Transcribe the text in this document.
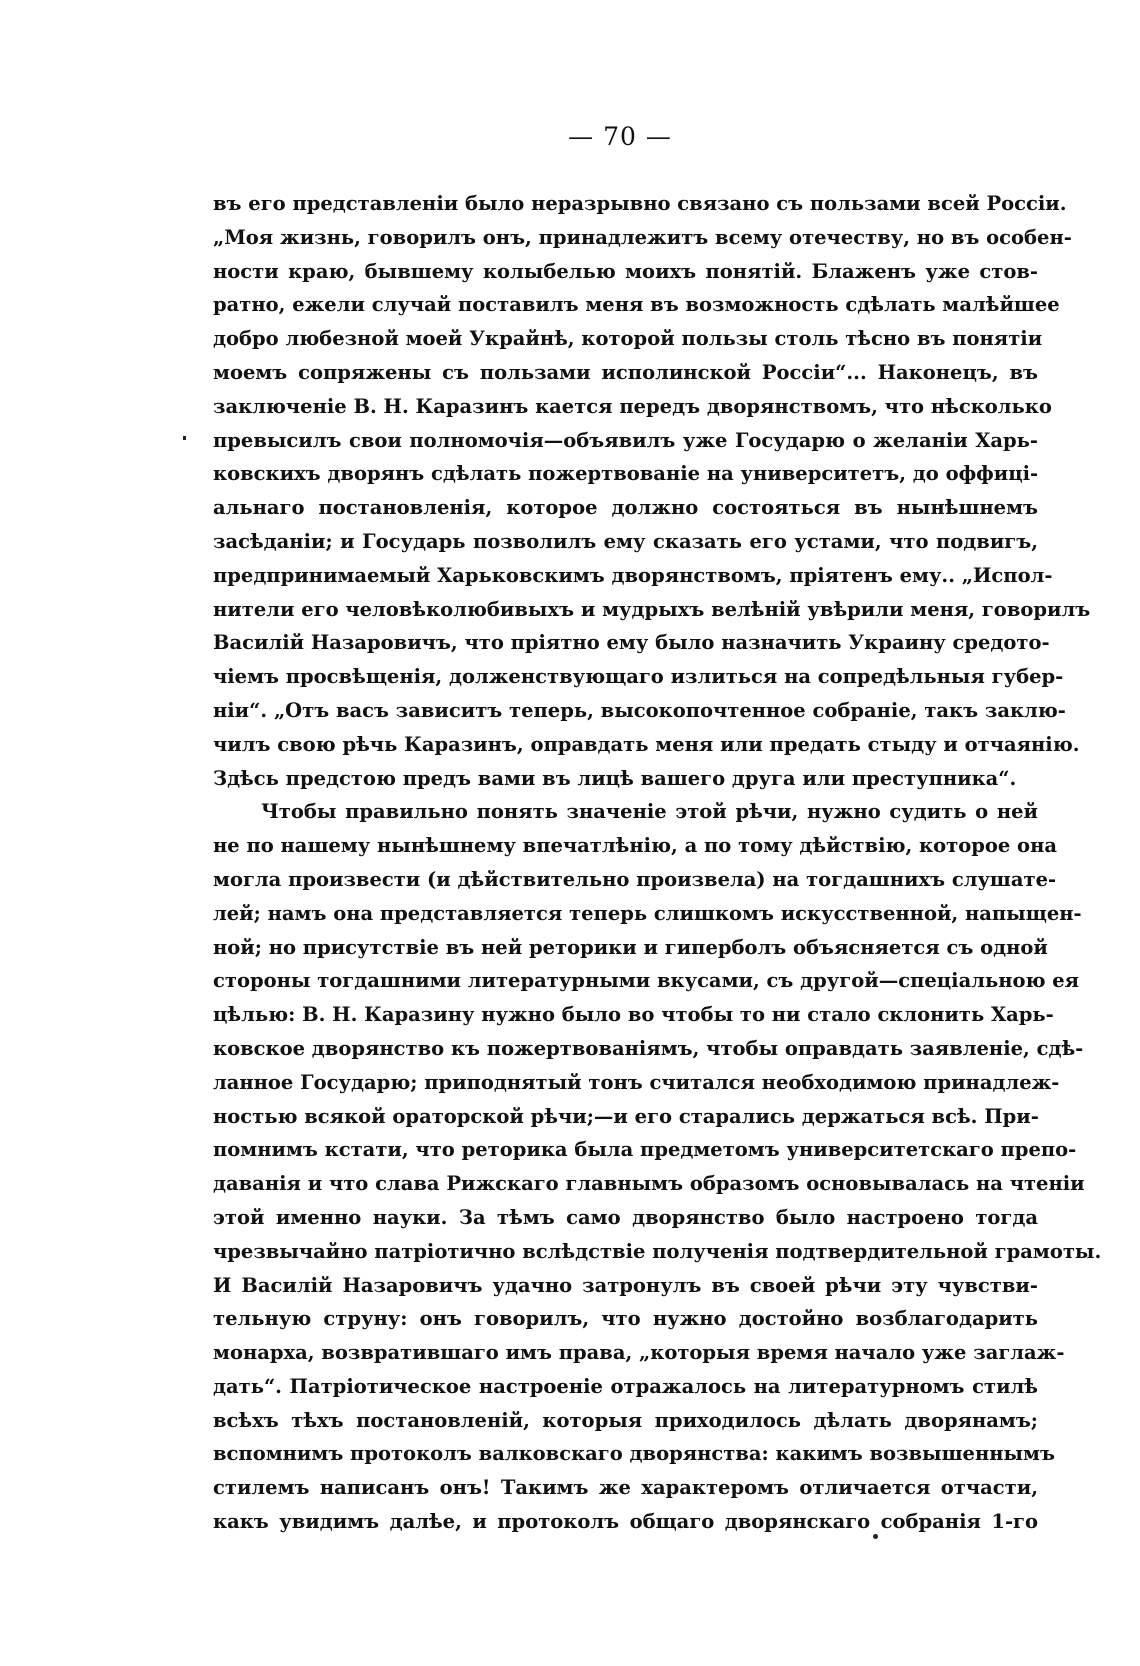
— 70 —
въ его представленіи было неразрывно связано съ пользами всей Россіи.
„Моя жизнь, говорилъ онъ, принадлежитъ всему отечеству, но въ особен-
ности краю, бывшему колыбелью моихъ понятій. Блаженъ уже стов-
ратно, ежели случай поставилъ меня въ возможность сдѣлать малѣйшее
добро любезной моей Украйнѣ, которой пользы столь тѣсно въ понятіи
моемъ сопряжены съ пользами исполинской Россіи“... Наконецъ, въ
заключеніе В. Н. Каразинъ кается передъ дворянствомъ, что нѣсколько
превысилъ свои полномочія—объявилъ уже Государю о желаніи Харь-
ковскихъ дворянъ сдѣлать пожертвованіе на университетъ, до оффиці-
альнаго постановленія, которое должно состояться въ нынѣшнемъ
засѣданіи; и Государь позволилъ ему сказать его устами, что подвигъ,
предпринимаемый Харьковскимъ дворянствомъ, пріятенъ ему.. „Испол-
нители его человѣколюбивыхъ и мудрыхъ велѣній увѣрили меня, говорилъ
Василій Назаровичъ, что пріятно ему было назначить Украину средото-
чіемъ просвѣщенія, долженствующаго излиться на сопредѣльныя губер-
ніи“. „Отъ васъ зависитъ теперь, высокопочтенное собраніе, такъ заклю-
чилъ свою рѣчь Каразинъ, оправдать меня или предать стыду и отчаянію.
Здѣсь предстою предъ вами въ лицѣ вашего друга или преступника“.
Чтобы правильно понять значеніе этой рѣчи, нужно судить о ней
не по нашему нынѣшнему впечатлѣнію, а по тому дѣйствію, которое она
могла произвести (и дѣйствительно произвела) на тогдашнихъ слушате-
лей; намъ она представляется теперь слишкомъ искусственной, напыщен-
ной; но присутствіе въ ней реторики и гиперболъ объясняется съ одной
стороны тогдашними литературными вкусами, съ другой—спеціальною ея
цѣлью: В. Н. Каразину нужно было во чтобы то ни стало склонить Харь-
ковское дворянство къ пожертвованіямъ, чтобы оправдать заявленіе, сдѣ-
ланное Государю; приподнятый тонъ считался необходимою принадлеж-
ностью всякой ораторской рѣчи;—и его старались держаться всѣ. При-
помнимъ кстати, что реторика была предметомъ университетскаго препо-
даванія и что слава Рижскаго главнымъ образомъ основывалась на чтеніи
этой именно науки. За тѣмъ само дворянство было настроено тогда
чрезвычайно патріотично вслѣдствіе полученія подтвердительной грамоты.
И Василій Назаровичъ удачно затронулъ въ своей рѣчи эту чувстви-
тельную струну: онъ говорилъ, что нужно достойно возблагодарить
монарха, возвратившаго имъ права, „которыя время начало уже заглаж-
дать“. Патріотическое настроеніе отражалось на литературномъ стилѣ
всѣхъ тѣхъ постановленій, которыя приходилось дѣлать дворянамъ;
вспомнимъ протоколъ валковскаго дворянства: какимъ возвышеннымъ
стилемъ написанъ онъ! Такимъ же характеромъ отличается отчасти,
какъ увидимъ далѣе, и протоколъ общаго дворянскаго собранія 1-го
